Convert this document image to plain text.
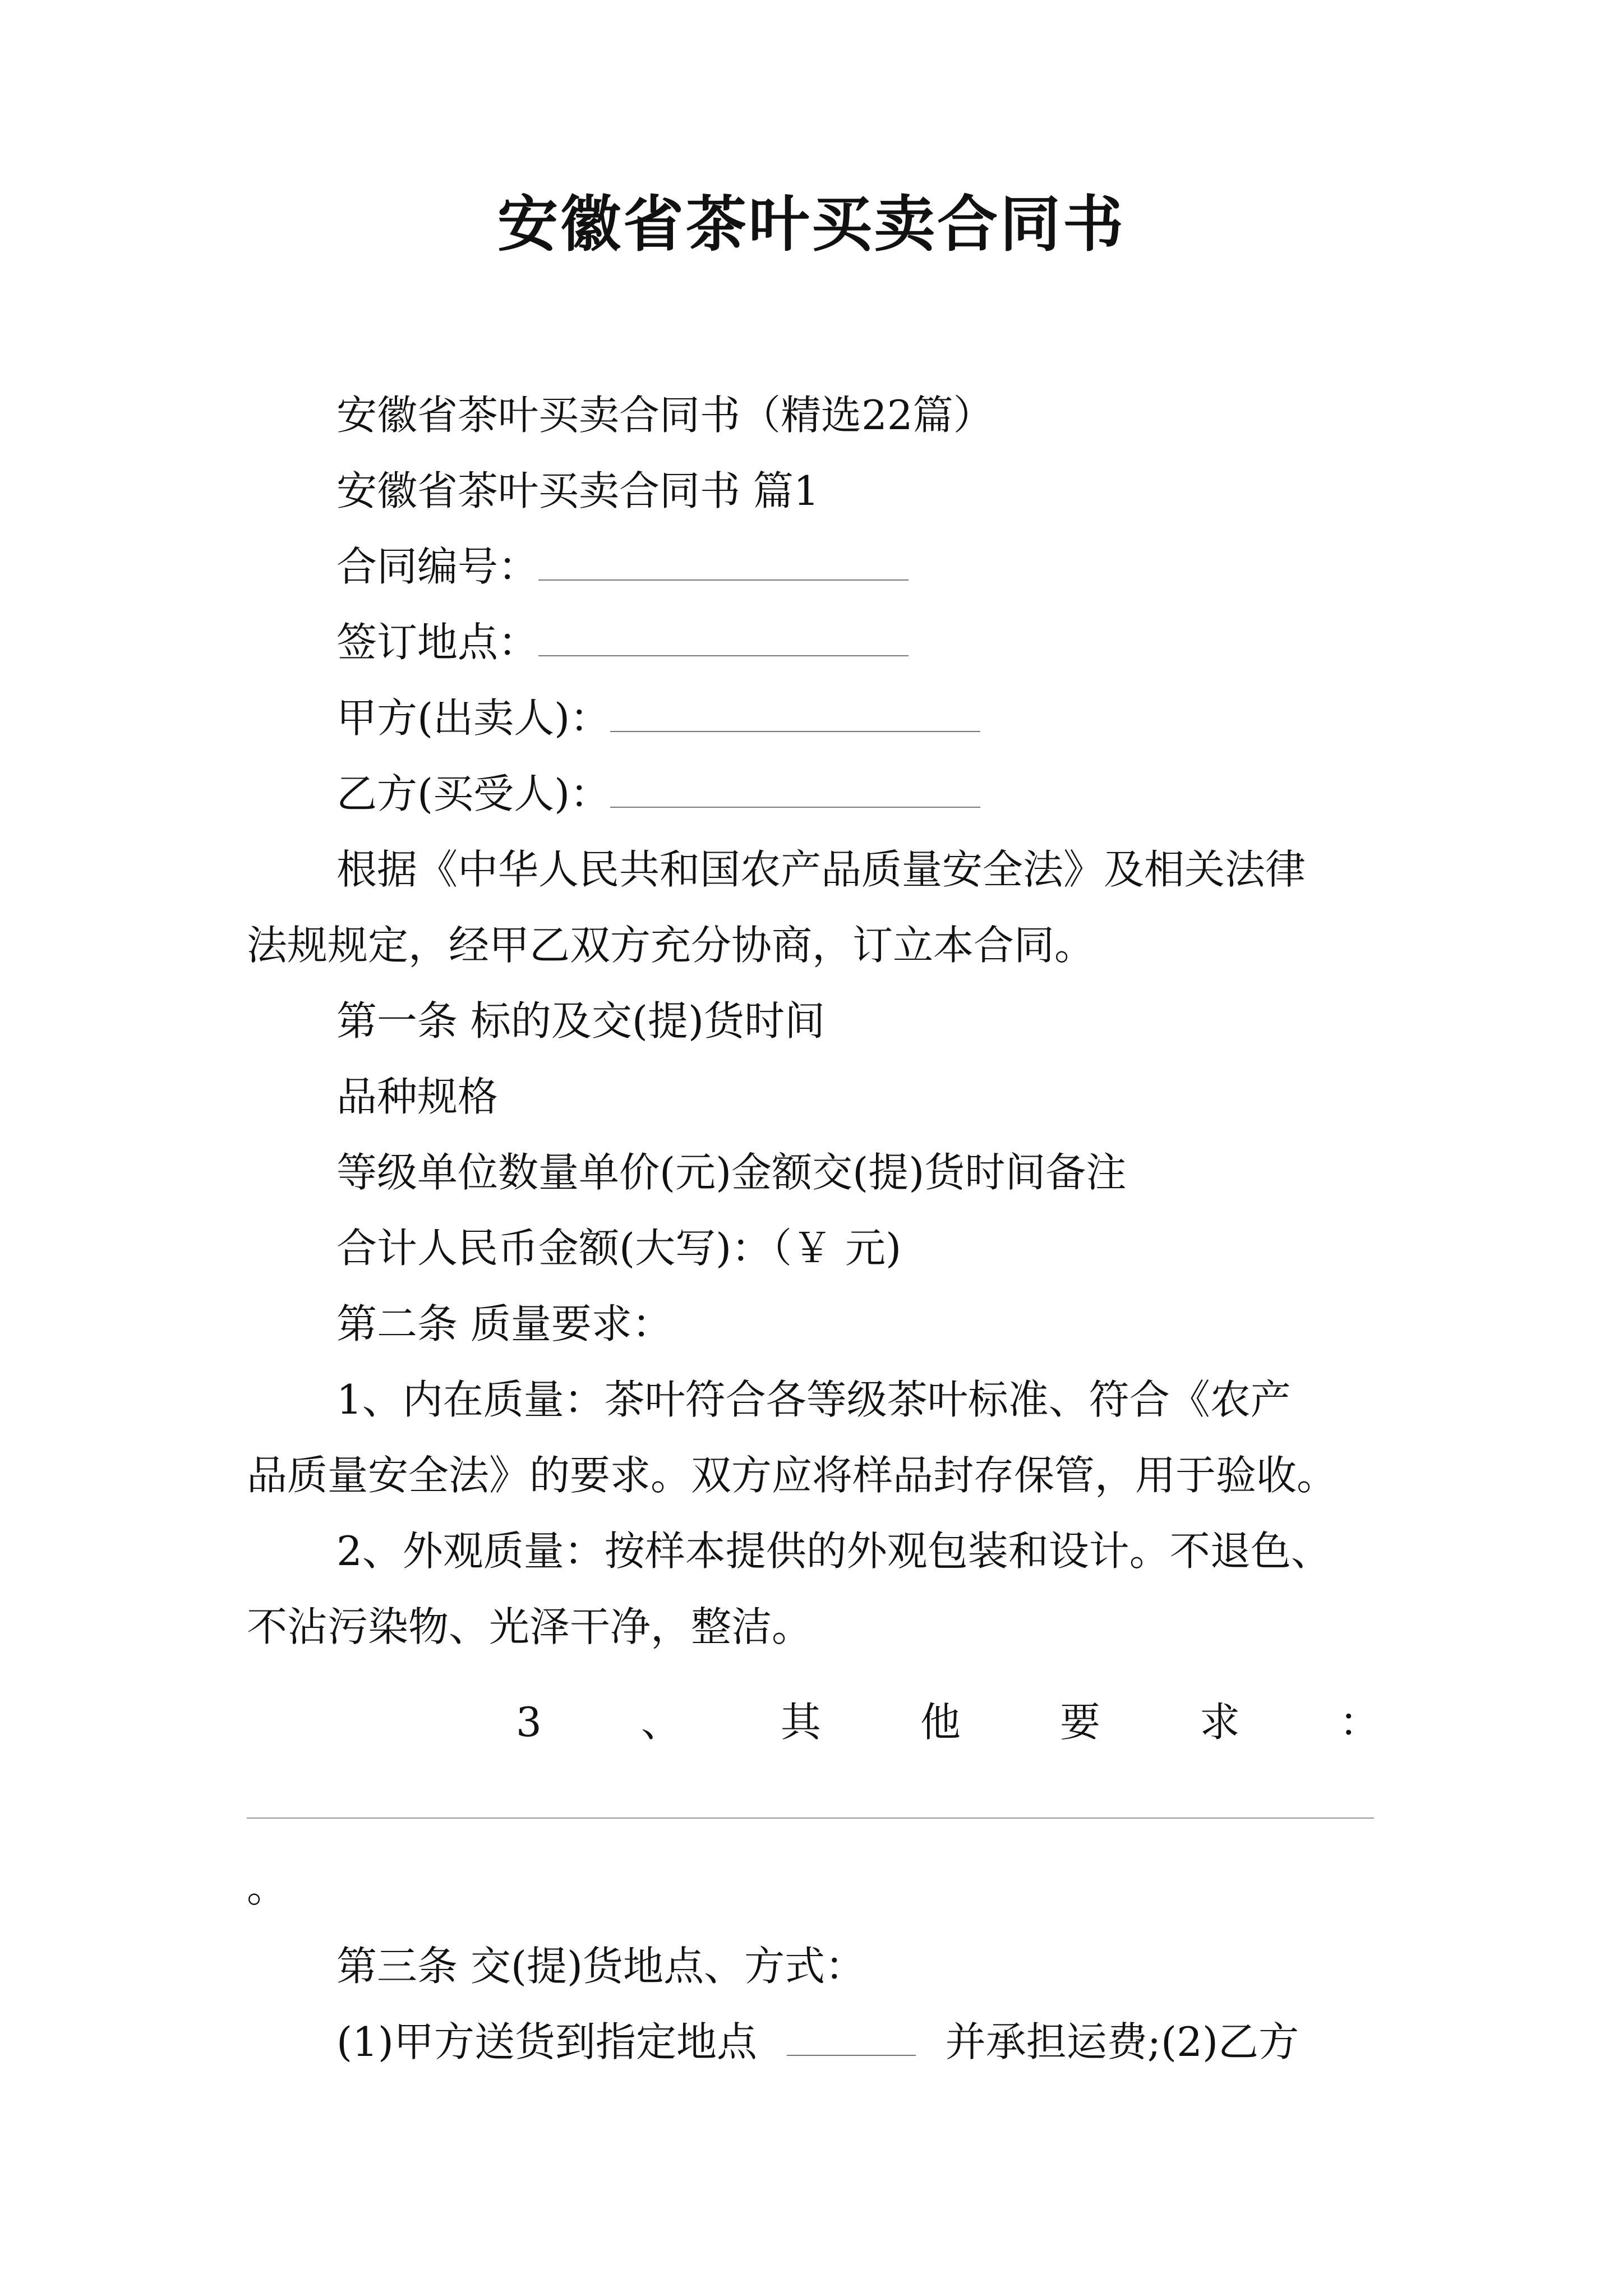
安徽省茶叶买卖合同书
安徽省茶叶买卖合同书（精选22篇）
安徽省茶叶买卖合同书 篇1
合同编号：
签订地点：
甲方(出卖人)：
乙方(买受人)：
根据《中华人民共和国农产品质量安全法》及相关法律
法规规定，经甲乙双方充分协商，订立本合同。
第一条 标的及交(提)货时间
品种规格
等级单位数量单价(元)金额交(提)货时间备注
合计人民币金额(大写)：（￥ 元)
第二条 质量要求：
1、内在质量：茶叶符合各等级茶叶标准、符合《农产
品质量安全法》的要求。双方应将样品封存保管，用于验收。
2、外观质量：按样本提供的外观包装和设计。不退色、
不沾污染物、光泽干净，整洁。
3 、 其 他 要 求 ：
。
第三条 交(提)货地点、方式：
(1)甲方送货到指定地点	并承担运费;(2)乙方
